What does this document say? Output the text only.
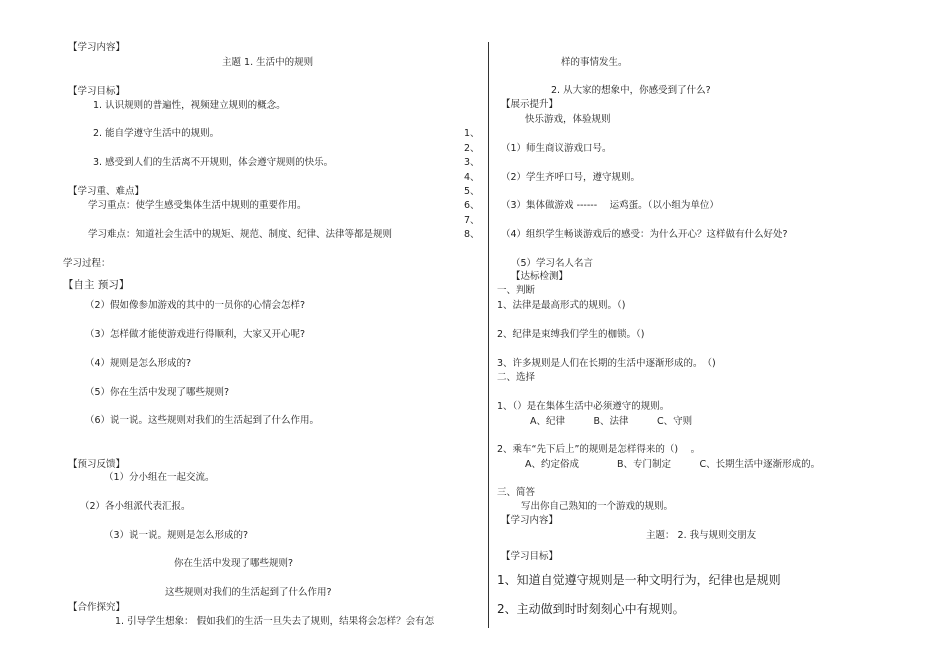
【学习内容】
主题 1. 生活中的规则
【学习目标】
1. 认识规则的普遍性，视频建立规则的概念。
2. 能自学遵守生活中的规则。
3. 感受到人们的生活离不开规则，体会遵守规则的快乐。
【学习重、难点】
学习重点：使学生感受集体生活中规则的重要作用。
学习难点：知道社会生活中的规矩、规范、制度、纪律、法律等都是规则
学习过程：
【自主 预习】
（2）假如像参加游戏的其中的一员你的心情会怎样?
（3）怎样做才能使游戏进行得顺利，大家又开心呢?
（4）规则是怎么形成的?
（5）你在生活中发现了哪些规则?
（6）说一说。这些规则对我们的生活起到了什么作用。
【预习反馈】
（1）分小组在一起交流。
（2）各小组派代表汇报。
（3）说一说。规则是怎么形成的?
你在生活中发现了哪些规则?
这些规则对我们的生活起到了什么作用?
【合作探究】
1. 引导学生想象： 假如我们的生活一旦失去了规则，结果将会怎样？会有怎
1、
2、
3、
4、
5、
6、
7、
8、
样的事情发生。
2. 从大家的想象中，你感受到了什么?
【展示提升】
快乐游戏，体验规则
（1）师生商议游戏口号。
（2）学生齐呼口号，遵守规则。
（3）集体做游戏 ------　 运鸡蛋。（以小组为单位）
（4）组织学生畅谈游戏后的感受：为什么开心？这样做有什么好处?
（5）学习名人名言
【达标检测】
一、判断
1、法律是最高形式的规则。（)
2、纪律是束缚我们学生的枷锁。（)
3、许多规则是人们在长期的生活中逐渐形成的。　（)
二、选择
1、（）是在集体生活中必须遵守的规则。
A、纪律　　　B、法律　　　C、守则
2、乘车“先下后上”的规则是怎样得来的（)　 。
A、约定俗成　　　　B、专门制定　　　C、长期生活中逐渐形成的。
三、简答
写出你自己熟知的一个游戏的规则。
【学习内容】
主题： 2. 我与规则交朋友
【学习目标】
1、知道自觉遵守规则是一种文明行为，纪律也是规则
2、主动做到时时刻刻心中有规则。
